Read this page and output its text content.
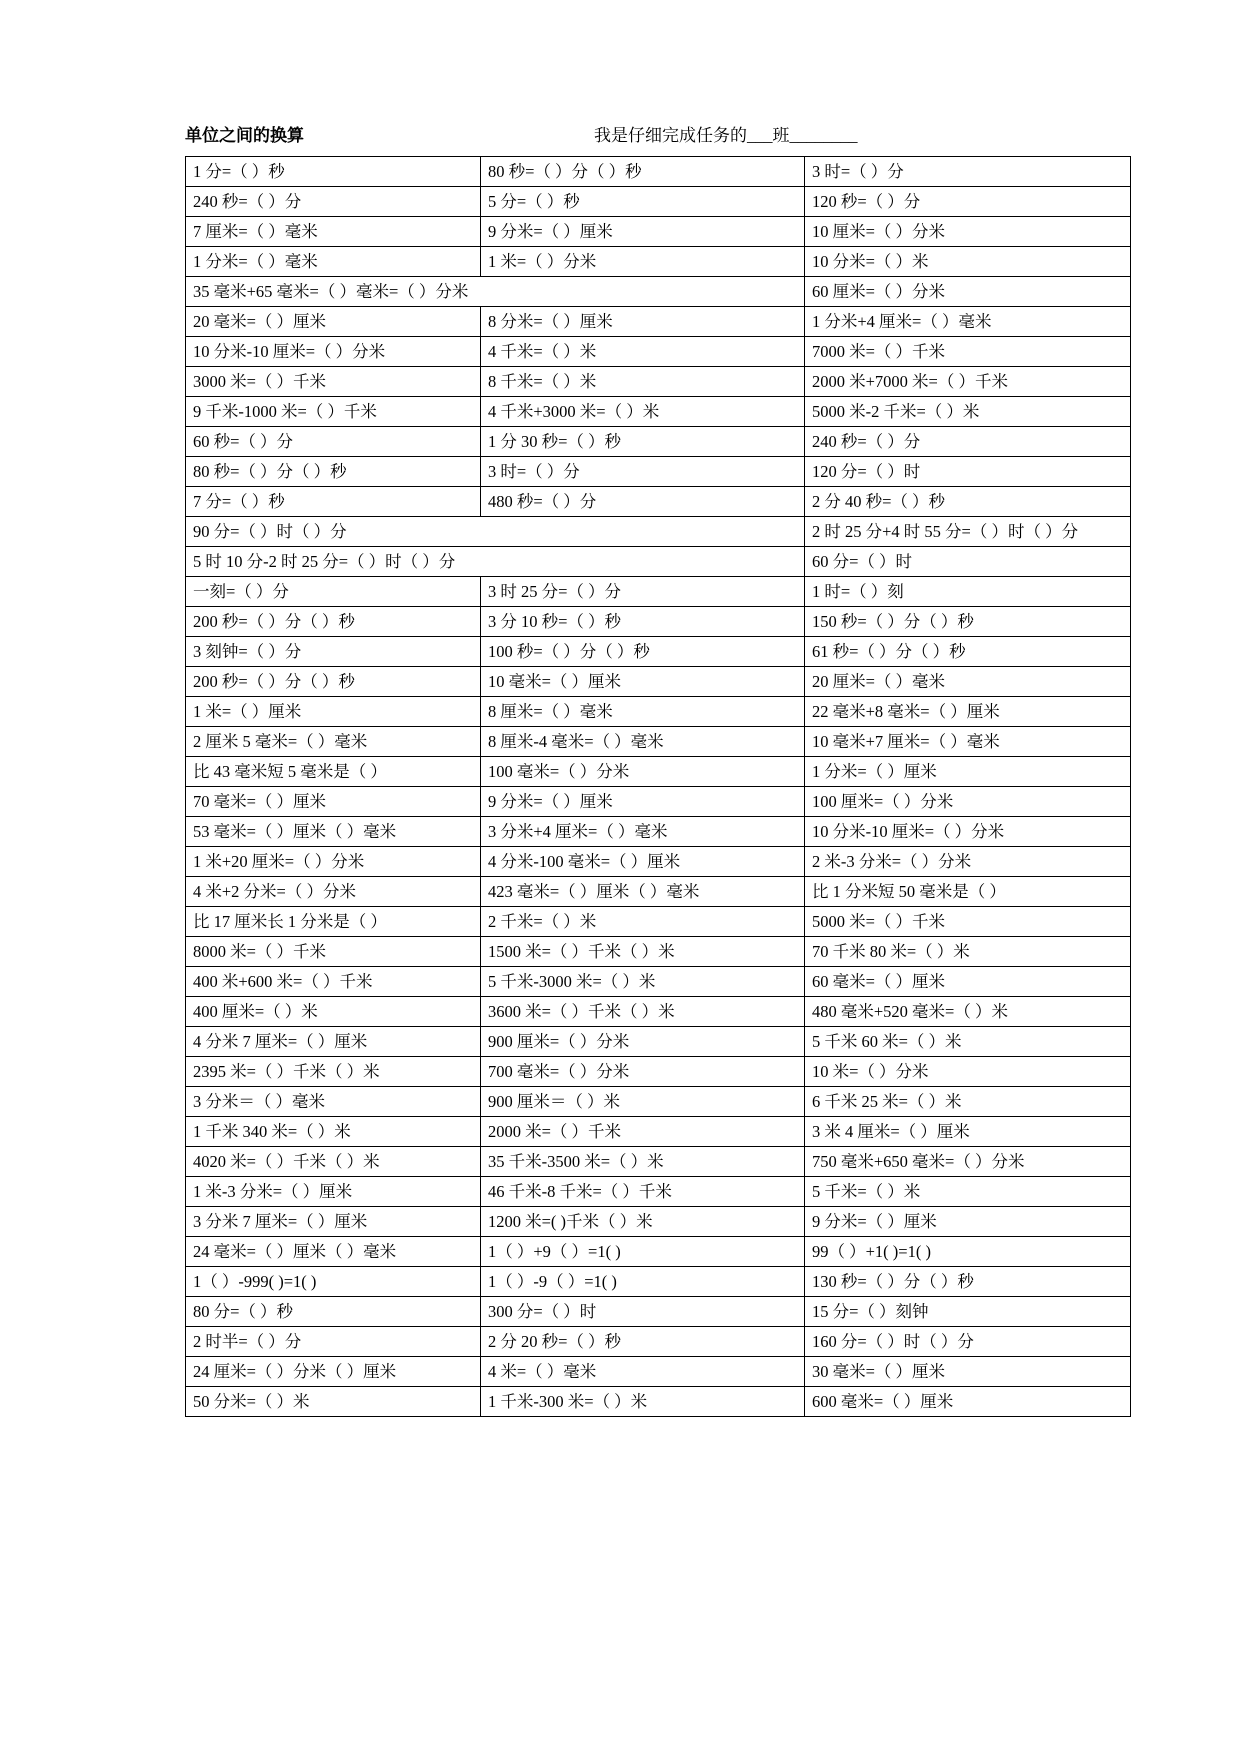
单位之间的换算	我是仔细完成任务的___班________
1 分=（ ）秒	80 秒=（ ）分（ ）秒	3 时=（ ）分	
240 秒=（ ）分	5 分=（ ）秒	120 秒=（ ）分	
7 厘米=（ ）毫米	9 分米=（ ）厘米	10 厘米=（ ）分米	
1 分米=（ ）毫米	1 米=（ ）分米	10 分米=（ ）米	
35 毫米+65 毫米=（ ）毫米=（ ）分米		60 厘米=（ ）分米	
20 毫米=（ ）厘米	8 分米=（ ）厘米	1 分米+4 厘米=（ ）毫米	
10 分米-10 厘米=（ ）分米	4 千米=（ ）米	7000 米=（ ）千米	
3000 米=（ ）千米	8 千米=（ ）米	2000 米+7000 米=（ ）千米	
9 千米-1000 米=（ ）千米	4 千米+3000 米=（ ）米	5000 米-2 千米=（ ）米	
60 秒=（ ）分	1 分 30 秒=（ ）秒	240 秒=（ ）分	
80 秒=（ ）分（ ）秒	3 时=（ ）分	120 分=（ ）时	
7 分=（ ）秒	480 秒=（ ）分	2 分 40 秒=（ ）秒	
90 分=（ ）时（ ）分		2 时 25 分+4 时 55 分=（ ）时（ ）分	
5 时 10 分-2 时 25 分=（ ）时（ ）分		60 分=（ ）时	
一刻=（ ）分	3 时 25 分=（ ）分	1 时=（ ）刻	
200 秒=（ ）分（ ）秒	3 分 10 秒=（ ）秒	150 秒=（ ）分（ ）秒	
3 刻钟=（ ）分	100 秒=（ ）分（ ）秒	61 秒=（ ）分（ ）秒	
200 秒=（ ）分（ ）秒	10 毫米=（ ）厘米	20 厘米=（ ）毫米	
1 米=（ ）厘米	8 厘米=（ ）毫米	22 毫米+8 毫米=（ ）厘米	
2 厘米 5 毫米=（ ）毫米	8 厘米-4 毫米=（ ）毫米	10 毫米+7 厘米=（ ）毫米	
比 43 毫米短 5 毫米是（ ）	100 毫米=（ ）分米	1 分米=（ ）厘米	
70 毫米=（ ）厘米	9 分米=（ ）厘米	100 厘米=（ ）分米	
53 毫米=（ ）厘米（ ）毫米	3 分米+4 厘米=（ ）毫米	10 分米-10 厘米=（ ）分米	
1 米+20 厘米=（ ）分米	4 分米-100 毫米=（ ）厘米	2 米-3 分米=（ ）分米	
4 米+2 分米=（ ）分米	423 毫米=（ ）厘米（ ）毫米	比 1 分米短 50 毫米是（ ）	
比 17 厘米长 1 分米是（ ）	2 千米=（ ）米	5000 米=（ ）千米	
8000 米=（ ）千米	1500 米=（ ）千米（ ）米	70 千米 80 米=（ ）米	
400 米+600 米=（ ）千米	5 千米-3000 米=（ ）米	60 毫米=（ ）厘米	
400 厘米=（ ）米	3600 米=（ ）千米（ ）米	480 毫米+520 毫米=（ ）米	
4 分米 7 厘米=（ ）厘米	900 厘米=（ ）分米	5 千米 60 米=（ ）米	
2395 米=（ ）千米（ ）米	700 毫米=（ ）分米	10 米=（ ）分米	
3 分米＝（ ）毫米	900 厘米＝（ ）米	6 千米 25 米=（ ）米	
1 千米 340 米=（ ）米	2000 米=（ ）千米	3 米 4 厘米=（ ）厘米	
4020 米=（ ）千米（ ）米	35 千米-3500 米=（ ）米	750 毫米+650 毫米=（ ）分米	
1 米-3 分米=（ ）厘米	46 千米-8 千米=（ ）千米	5 千米=（ ）米	
3 分米 7 厘米=（ ）厘米	1200 米=( )千米（ ）米	9 分米=（ ）厘米	
24 毫米=（ ）厘米（ ）毫米	1（ ）+9（ ）=1( )	99（ ）+1( )=1( )	
1（ ）-999( )=1( )	1（ ）-9（ ）=1( )	130 秒=（ ）分（ ）秒	
80 分=（ ）秒	300 分=（ ）时	15 分=（ ）刻钟	
2 时半=（ ）分	2 分 20 秒=（ ）秒	160 分=（ ）时（ ）分	
24 厘米=（ ）分米（ ）厘米	4 米=（ ）毫米	30 毫米=（ ）厘米	
50 分米=（ ）米	1 千米-300 米=（ ）米	600 毫米=（ ）厘米	
